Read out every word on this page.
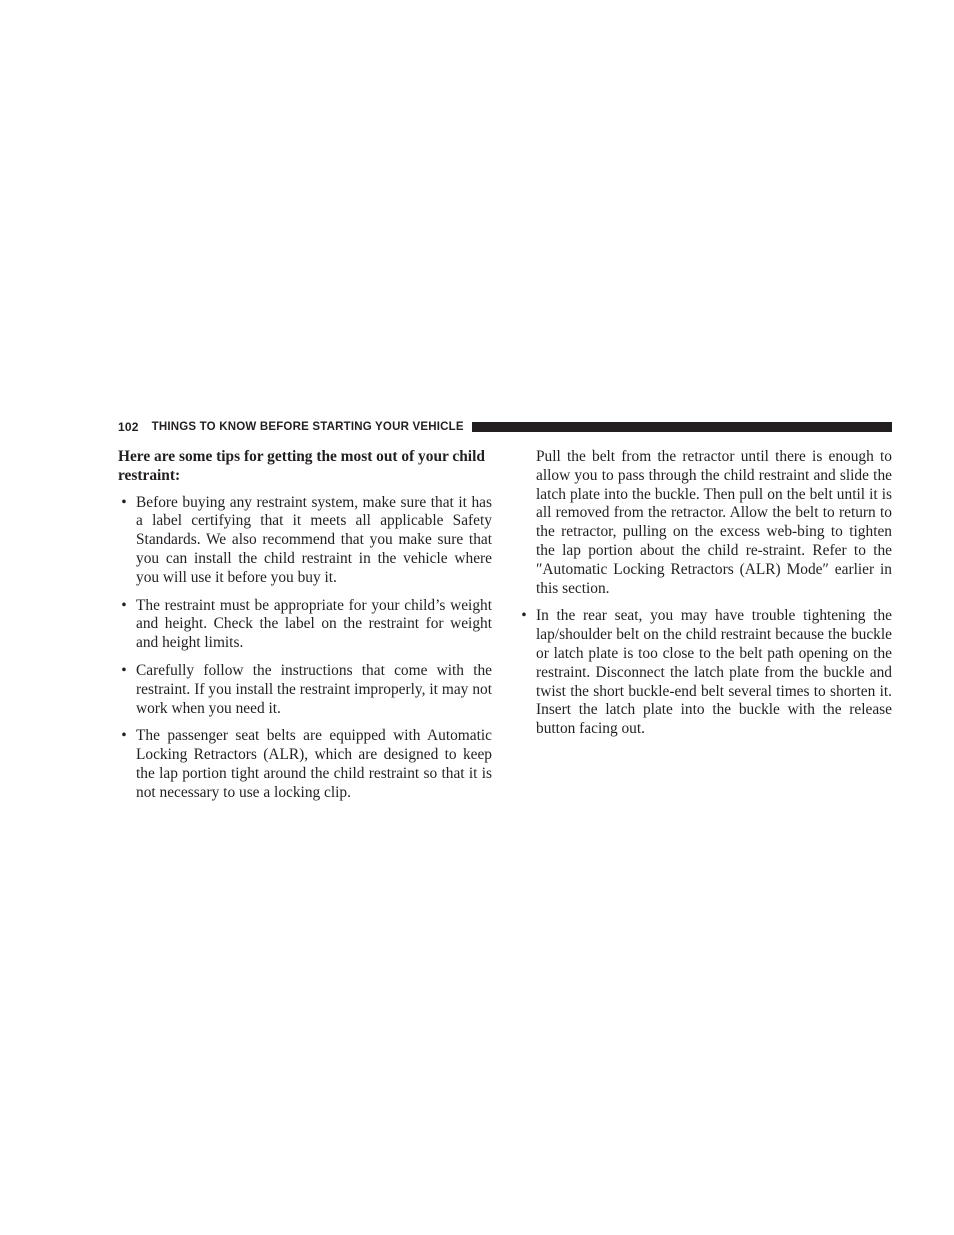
102 THINGS TO KNOW BEFORE STARTING YOUR VEHICLE

Here are some tips for getting the most out of your child restraint:

• Before buying any restraint system, make sure that it has a label certifying that it meets all applicable Safety Standards. We also recommend that you make sure that you can install the child restraint in the vehicle where you will use it before you buy it.
• The restraint must be appropriate for your child’s weight and height. Check the label on the restraint for weight and height limits.
• Carefully follow the instructions that come with the restraint. If you install the restraint improperly, it may not work when you need it.
• The passenger seat belts are equipped with Automatic Locking Retractors (ALR), which are designed to keep the lap portion tight around the child restraint so that it is not necessary to use a locking clip.

Pull the belt from the retractor until there is enough to allow you to pass through the child restraint and slide the latch plate into the buckle. Then pull on the belt until it is all removed from the retractor. Allow the belt to return to the retractor, pulling on the excess web-bing to tighten the lap portion about the child re-straint. Refer to the ″Automatic Locking Retractors (ALR) Mode″ earlier in this section.

• In the rear seat, you may have trouble tightening the lap/shoulder belt on the child restraint because the buckle or latch plate is too close to the belt path opening on the restraint. Disconnect the latch plate from the buckle and twist the short buckle-end belt several times to shorten it. Insert the latch plate into the buckle with the release button facing out.
